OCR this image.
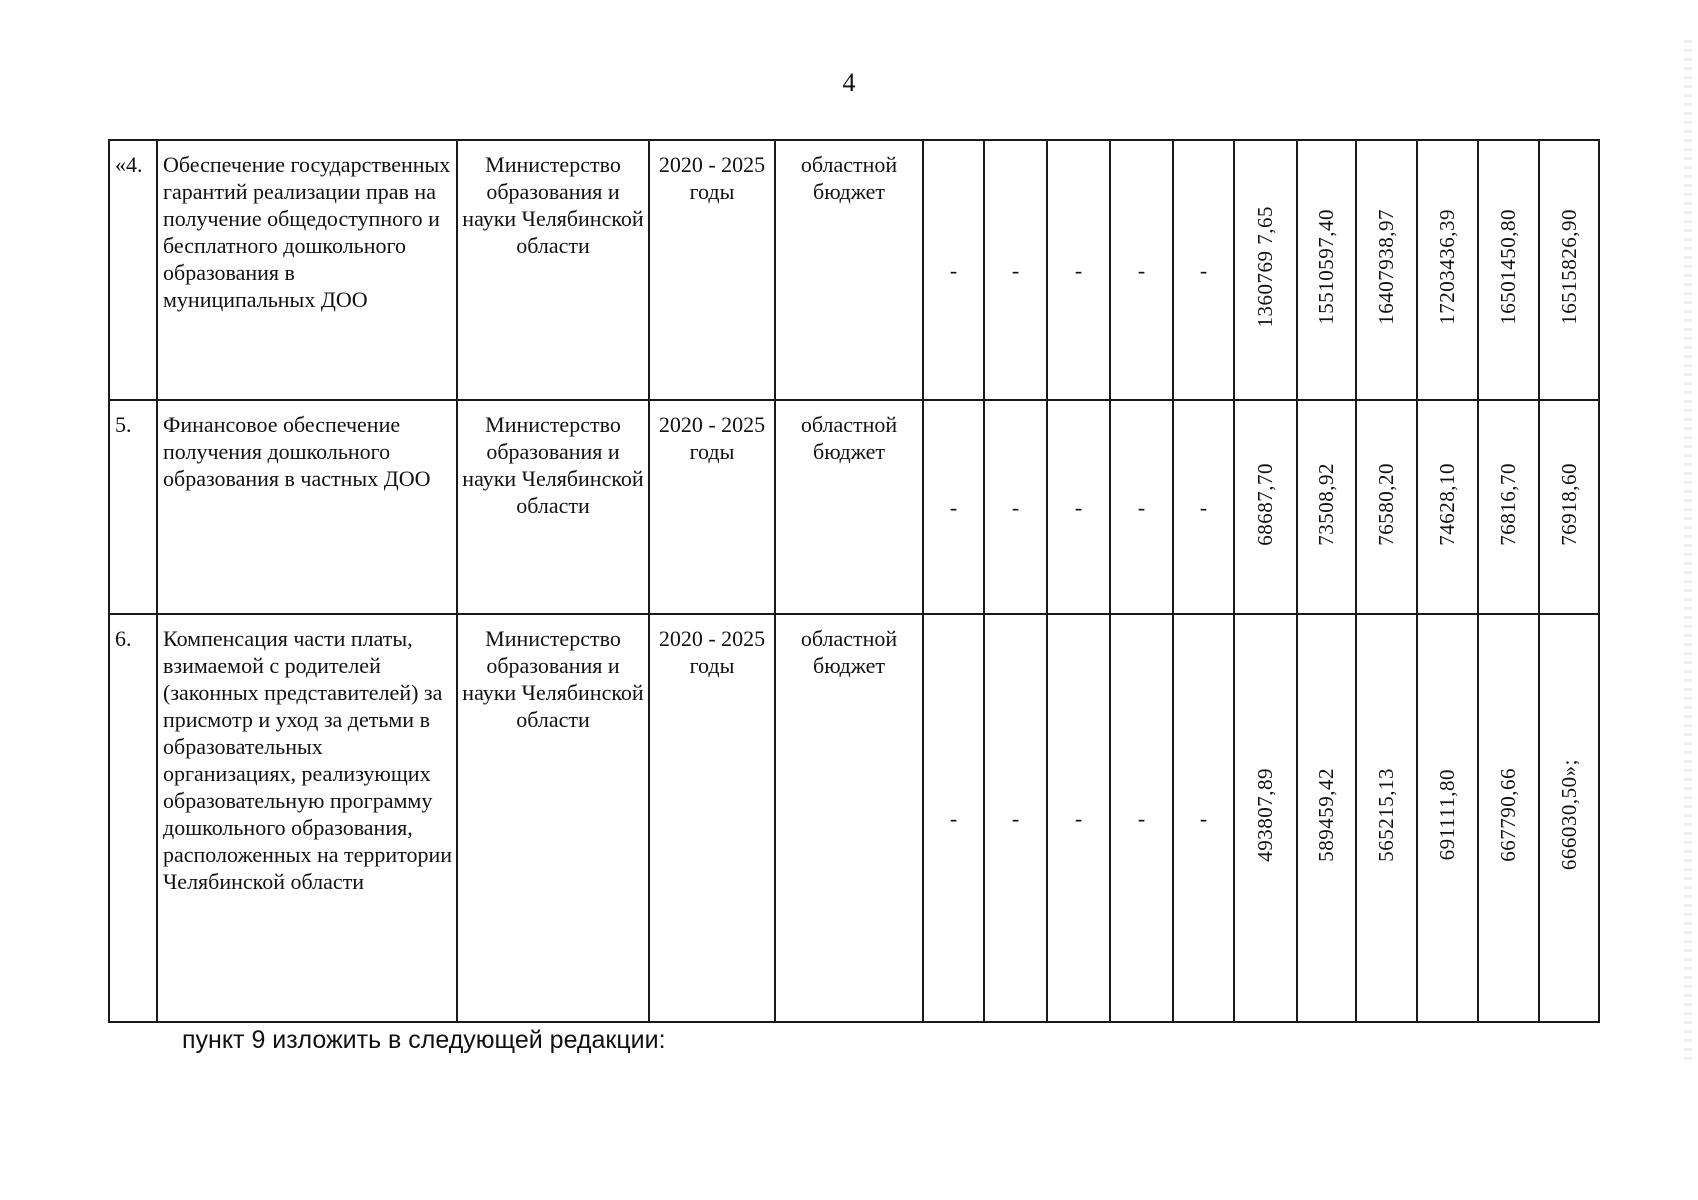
4
«4.	Обеспечение государственных гарантий реализации прав на получение общедоступного и бесплатного дошкольного образования в муниципальных ДОО	Министерство образования и науки Челябинской области	2020 - 2025 годы	областной бюджет	-	-	-	-	-	1360769 7,65	15510597,40	16407938,97	17203436,39	16501450,80	16515826,90
5.	Финансовое обеспечение получения дошкольного образования в частных ДОО	Министерство образования и науки Челябинской области	2020 - 2025 годы	областной бюджет	-	-	-	-	-	68687,70	73508,92	76580,20	74628,10	76816,70	76918,60
6.	Компенсация части платы, взимаемой с родителей (законных представителей) за присмотр и уход за детьми в образовательных организациях, реализующих образовательную программу дошкольного образования, расположенных на территории Челябинской области	Министерство образования и науки Челябинской области	2020 - 2025 годы	областной бюджет	-	-	-	-	-	493807,89	589459,42	565215,13	691111,80	667790,66	666030,50»;
пункт 9 изложить в следующей редакции:
